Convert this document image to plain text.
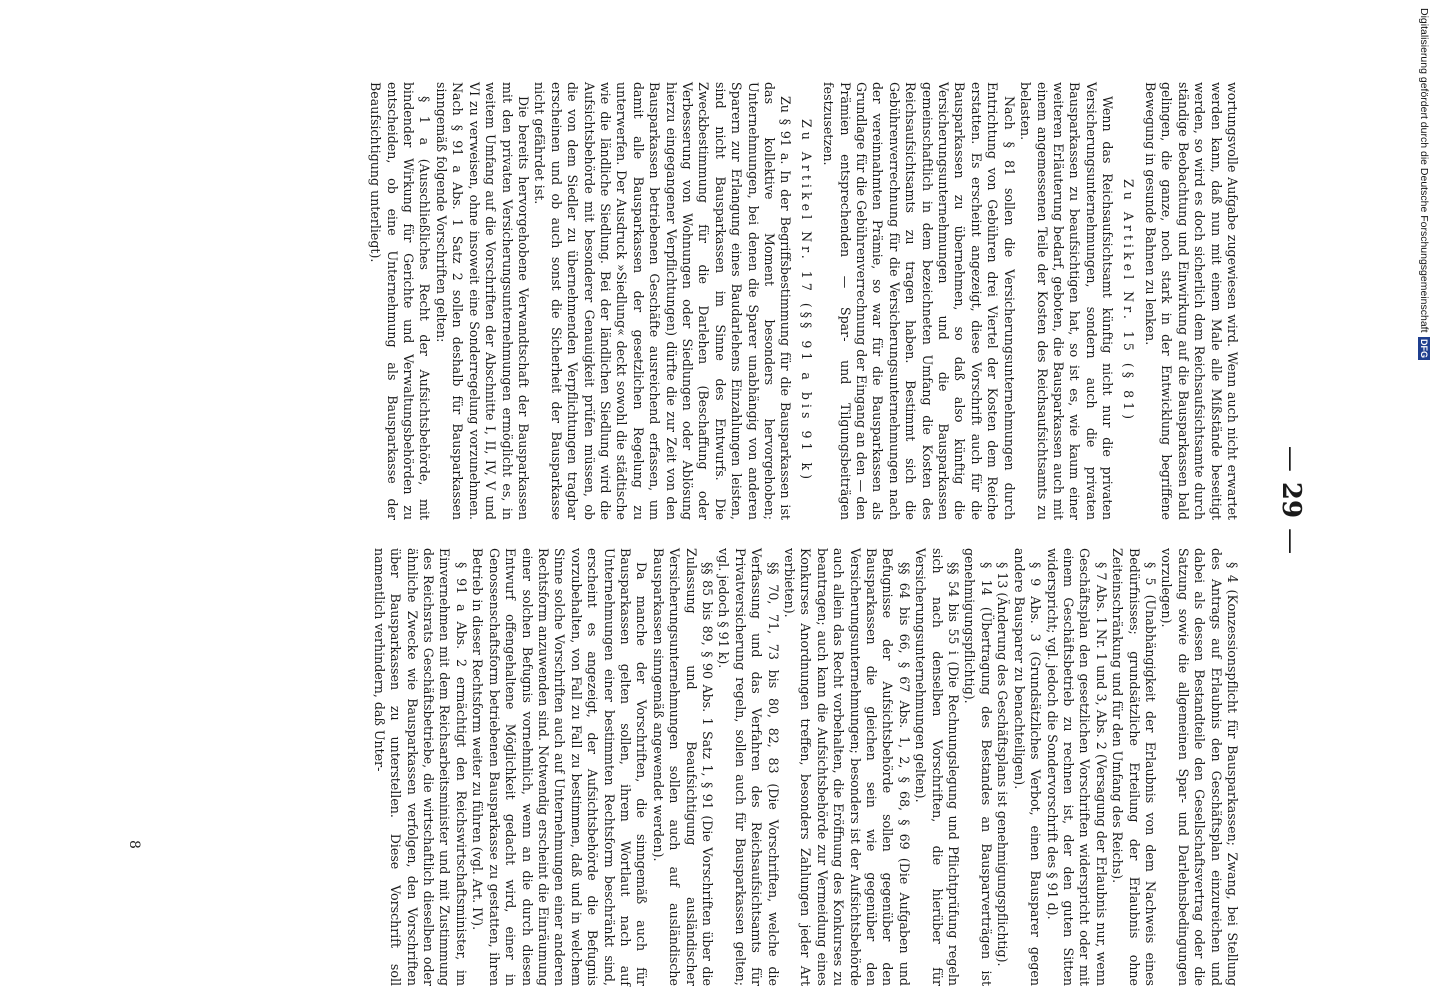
—
29
—

wortungsvolle Aufgabe zugewiesen wird. Wenn auch nicht erwartet werden kann, daß nun mit einem Male alle Mißstände beseitigt werden, so wird es doch sicherlich dem Reichsaufsichtsamte durch ständige Beobachtung und Einwirkung auf die Bausparkassen bald gelingen, die ganze, noch stark in der Entwicklung begriffene Bewegung in gesunde Bahnen zu lenken.

Zu Artikel Nr. 15 (§ 81)

Wenn das Reichsaufsichtsamt künftig nicht nur die privaten Versicherungsunternehmungen, sondern auch die privaten Bausparkassen zu beaufsichtigen hat, so ist es, wie kaum einer weiteren Erläuterung bedarf, geboten, die Bausparkassen auch mit einem angemessenen Teile der Kosten des Reichsaufsichtsamts zu belasten.

Nach § 81 sollen die Versicherungsunternehmungen durch Entrichtung von Gebühren drei Viertel der Kosten dem Reiche erstatten. Es erscheint angezeigt, diese Vorschrift auch für die Bausparkassen zu übernehmen, so daß also künftig die Versicherungsunternehmungen und die Bausparkassen gemeinschaftlich in dem bezeichneten Umfang die Kosten des Reichsaufsichtsamts zu tragen haben. Bestimmt sich die Gebührenverrechnung für die Versicherungsunternehmungen nach der vereinnahmten Prämie, so war für die Bausparkassen als Grundlage für die Gebührenverrechnung der Eingang an den — den Prämien entsprechenden — Spar- und Tilgungsbeiträgen festzusetzen.

Zu Artikel Nr. 17 (§§ 91 a bis 91 k)

Zu § 91 a. In der Begriffsbestimmung für die Bausparkassen ist das kollektive Moment besonders hervorgehoben; Unternehmungen, bei denen die Sparer unabhängig von anderen Sparern zur Erlangung eines Baudarlehens Einzahlungen leisten, sind nicht Bausparkassen im Sinne des Entwurfs. Die Zweckbestimmung für die Darlehen (Beschaffung oder Verbesserung von Wohnungen oder Siedlungen oder Ablösung hierzu eingegangener Verpflichtungen) dürfte die zur Zeit von den Bausparkassen betriebenen Geschäfte ausreichend erfassen, um damit alle Bausparkassen der gesetzlichen Regelung zu unterwerfen. Der Ausdruck »Siedlung« deckt sowohl die städtische wie die ländliche Siedlung. Bei der ländlichen Siedlung wird die Aufsichtsbehörde mit besonderer Genauigkeit prüfen müssen, ob die von dem Siedler zu übernehmenden Verpflichtungen tragbar erscheinen und ob auch sonst die Sicherheit der Bausparkasse nicht gefährdet ist.

Die bereits hervorgehobene Verwandtschaft der Bausparkassen mit den privaten Versicherungsunternehmungen ermöglicht es, in weitem Umfang auf die Vorschriften der Abschnitte I, II, IV, V und VI zu verweisen, ohne insoweit eine Sonderregelung vorzunehmen. Nach § 91 a Abs. 1 Satz 2 sollen deshalb für Bausparkassen sinngemäß folgende Vorschriften gelten:

§ 1 a (Ausschließliches Recht der Aufsichtsbehörde, mit bindender Wirkung für Gerichte und Verwaltungsbehörden zu entscheiden, ob eine Unternehmung als Bausparkasse der Beaufsichtigung unterliegt).

§ 4 (Konzessionspflicht für Bausparkassen; Zwang, bei Stellung des Antrags auf Erlaubnis den Geschäftsplan einzureichen und dabei als dessen Bestandteile den Gesellschaftsvertrag oder die Satzung sowie die allgemeinen Spar- und Darlehnsbedingungen vorzulegen).

§ 5 (Unabhängigkeit der Erlaubnis von dem Nachweis eines Bedürfnisses; grundsätzliche Erteilung der Erlaubnis ohne Zeiteinschränkung und für den Umfang des Reichs).

§ 7 Abs. 1 Nr. 1 und 3, Abs. 2 (Versagung der Erlaubnis nur, wenn Geschäftsplan den gesetzlichen Vorschriften widerspricht oder mit einem Geschäftsbetrieb zu rechnen ist, der den guten Sitten widerspricht; vgl. jedoch die Sondervorschrift des § 91 d).

§ 9 Abs. 3 (Grundsätzliches Verbot, einen Bausparer gegen andere Bausparer zu benachteiligen).

§ 13 (Änderung des Geschäftsplans ist genehmigungspflichtig).

§ 14 (Übertragung des Bestandes an Bausparverträgen ist genehmigungspflichtig).

§§ 54 bis 55 i (Die Rechnungslegung und Pflichtprüfung regeln sich nach denselben Vorschriften, die hierüber für Versicherungsunternehmungen gelten).

§§ 64 bis 66, § 67 Abs. 1, 2, § 68, § 69 (Die Aufgaben und Befugnisse der Aufsichtsbehörde sollen gegenüber den Bausparkassen die gleichen sein wie gegenüber den Versicherungsunternehmungen; besonders ist der Aufsichtsbehörde auch allein das Recht vorbehalten, die Eröffnung des Konkurses zu beantragen; auch kann die Aufsichtsbehörde zur Vermeidung eines Konkurses Anordnungen treffen, besonders Zahlungen jeder Art verbieten).

§§ 70, 71, 73 bis 80, 82, 83 (Die Vorschriften, welche die Verfassung und das Verfahren des Reichsaufsichtsamts für Privatversicherung regeln, sollen auch für Bausparkassen gelten; vgl. jedoch § 91 k).

§§ 85 bis 89, § 90 Abs. 1 Satz 1, § 91 (Die Vorschriften über die Zulassung und Beaufsichtigung ausländischer Versicherungsunternehmungen sollen auch auf ausländische Bausparkassen sinngemäß angewendet werden).

Da manche der Vorschriften, die sinngemäß auch für Bausparkassen gelten sollen, ihrem Wortlaut nach auf Unternehmungen einer bestimmten Rechtsform beschränkt sind, erscheint es angezeigt, der Aufsichtsbehörde die Befugnis vorzubehalten, von Fall zu Fall zu bestimmen, daß und in welchem Sinne solche Vorschriften auch auf Unternehmungen einer anderen Rechtsform anzuwenden sind. Notwendig erscheint die Einräumung einer solchen Befugnis vornehmlich, wenn an die durch diesen Entwurf offengehaltene Möglichkeit gedacht wird, einer in Genossenschaftsform betriebenen Bausparkasse zu gestatten, ihren Betrieb in dieser Rechtsform weiter zu führen (vgl. Art. IV).

§ 91 a Abs. 2 ermächtigt den Reichswirtschaftsminister, im Einvernehmen mit dem Reichsarbeitsminister und mit Zustimmung des Reichsrats Geschäftsbetriebe, die wirtschaftlich dieselben oder ähnliche Zwecke wie Bausparkassen verfolgen, den Vorschriften über Bausparkassen zu unterstellen. Diese Vorschrift soll namentlich verhindern, daß Unter-

8
Digitalisierung gefördert durch die Deutsche Forschungsgemeinschaft
DFG
